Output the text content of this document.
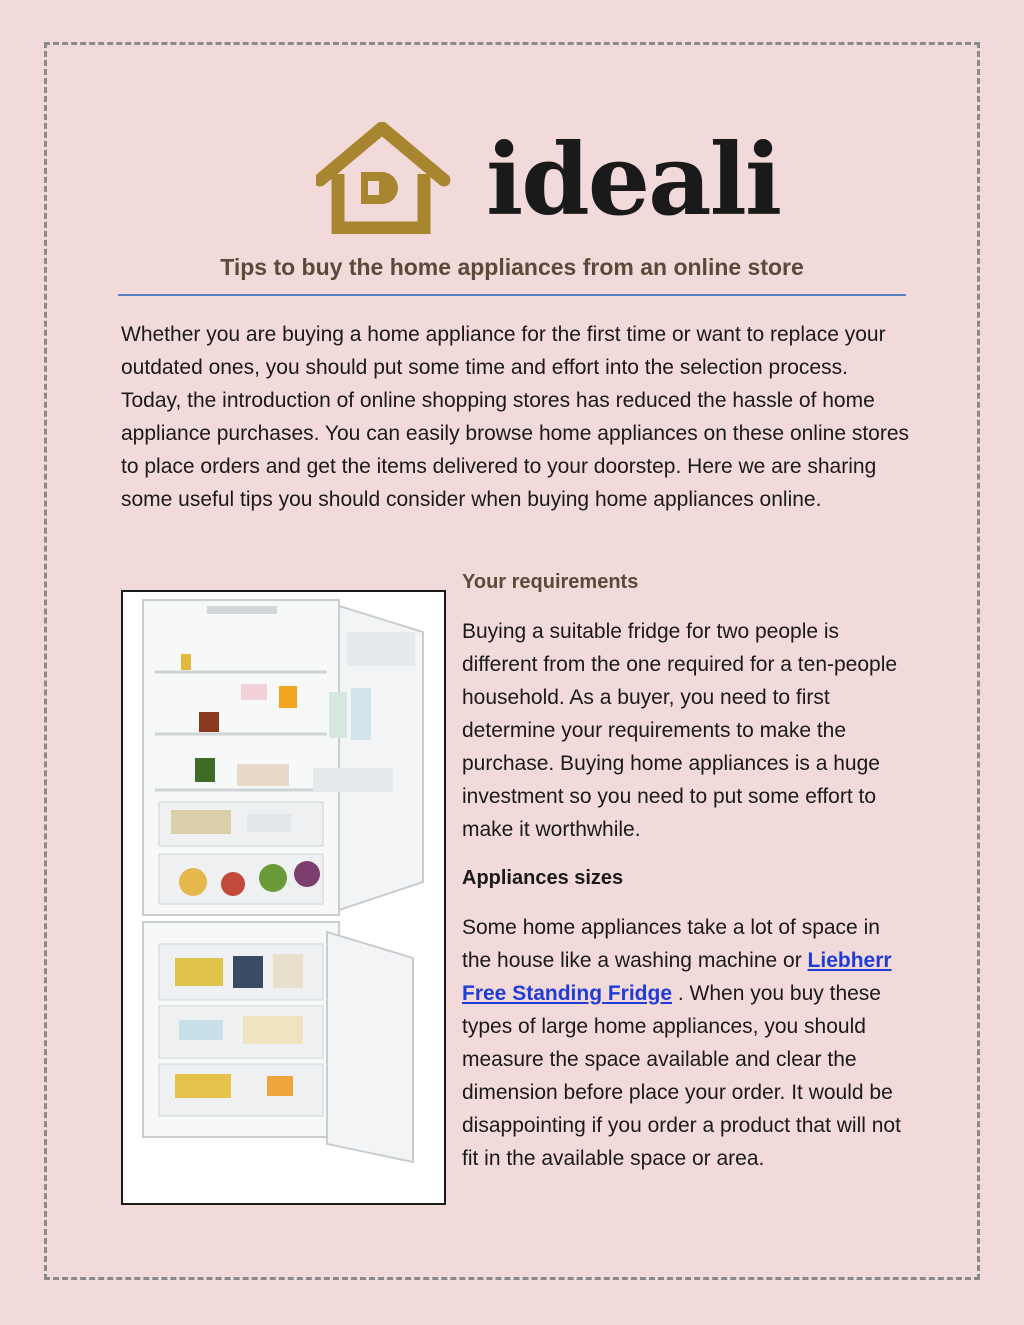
ideali
Tips to buy the home appliances from an online store

Whether you are buying a home appliance for the first time or want to replace your outdated ones, you should put some time and effort into the selection process. Today, the introduction of online shopping stores has reduced the hassle of home appliance purchases. You can easily browse home appliances on these online stores to place orders and get the items delivered to your doorstep. Here we are sharing some useful tips you should consider when buying home appliances online.

Your requirements

Buying a suitable fridge for two people is different from the one required for a ten-people household. As a buyer, you need to first determine your requirements to make the purchase. Buying home appliances is a huge investment so you need to put some effort to make it worthwhile.

Appliances sizes

Some home appliances take a lot of space in the house like a washing machine or Liebherr Free Standing Fridge . When you buy these types of large home appliances, you should measure the space available and clear the dimension before place your order. It would be disappointing if you order a product that will not fit in the available space or area.
